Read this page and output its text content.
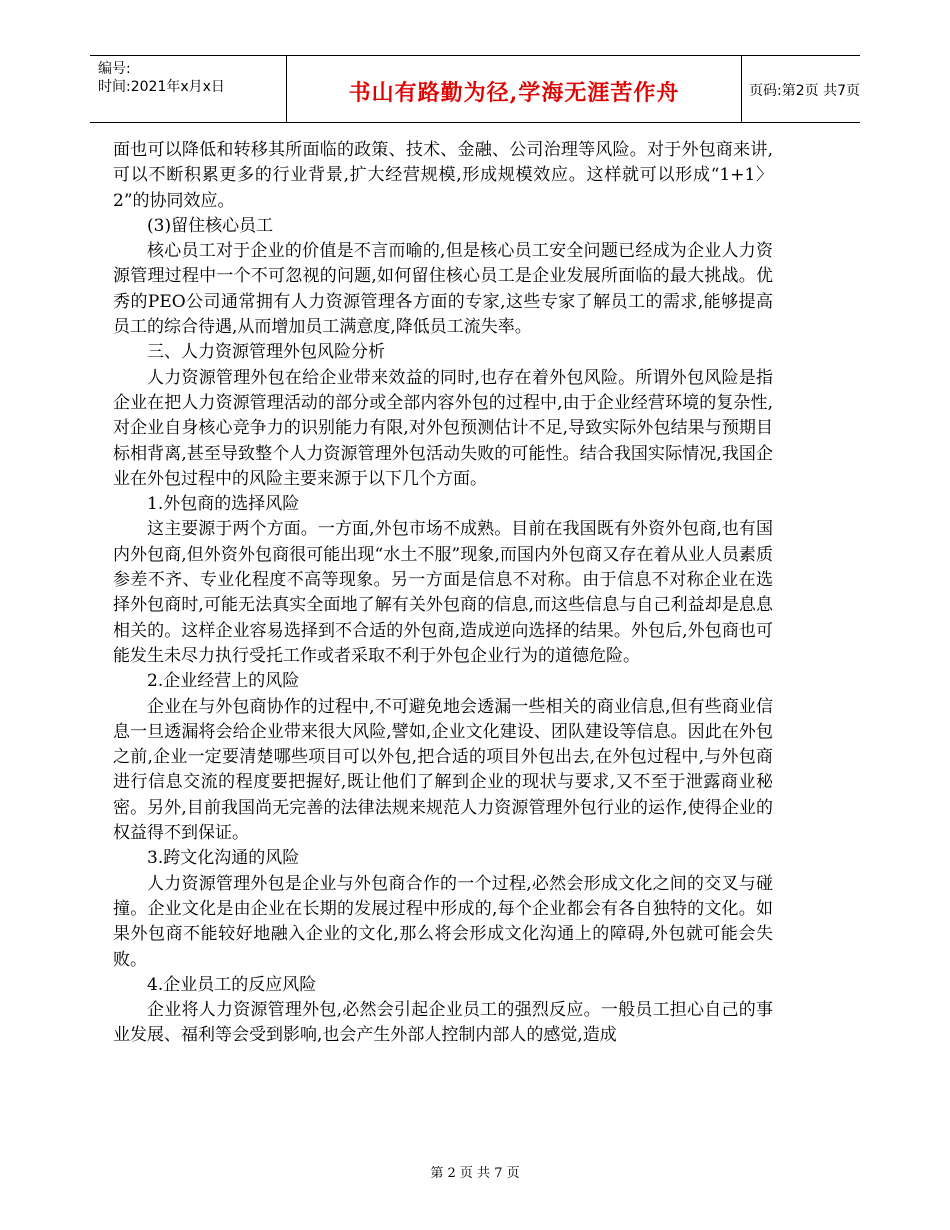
编号:
时间:2021年x月x日	书山有路勤为径,学海无涯苦作舟	页码:第2页 共7页

面也可以降低和转移其所面临的政策、技术、金融、公司治理等风险。对于外包商来讲,可以不断积累更多的行业背景,扩大经营规模,形成规模效应。这样就可以形成“1+1〉2”的协同效应。

(3)留住核心员工

核心员工对于企业的价值是不言而喻的,但是核心员工安全问题已经成为企业人力资源管理过程中一个不可忽视的问题,如何留住核心员工是企业发展所面临的最大挑战。优秀的PEO公司通常拥有人力资源管理各方面的专家,这些专家了解员工的需求,能够提高员工的综合待遇,从而增加员工满意度,降低员工流失率。

三、人力资源管理外包风险分析

人力资源管理外包在给企业带来效益的同时,也存在着外包风险。所谓外包风险是指企业在把人力资源管理活动的部分或全部内容外包的过程中,由于企业经营环境的复杂性,对企业自身核心竞争力的识别能力有限,对外包预测估计不足,导致实际外包结果与预期目标相背离,甚至导致整个人力资源管理外包活动失败的可能性。结合我国实际情况,我国企业在外包过程中的风险主要来源于以下几个方面。

1.外包商的选择风险

这主要源于两个方面。一方面,外包市场不成熟。目前在我国既有外资外包商,也有国内外包商,但外资外包商很可能出现“水土不服”现象,而国内外包商又存在着从业人员素质参差不齐、专业化程度不高等现象。另一方面是信息不对称。由于信息不对称企业在选择外包商时,可能无法真实全面地了解有关外包商的信息,而这些信息与自己利益却是息息相关的。这样企业容易选择到不合适的外包商,造成逆向选择的结果。外包后,外包商也可能发生未尽力执行受托工作或者采取不利于外包企业行为的道德危险。

2.企业经营上的风险

企业在与外包商协作的过程中,不可避免地会透漏一些相关的商业信息,但有些商业信息一旦透漏将会给企业带来很大风险,譬如,企业文化建设、团队建设等信息。因此在外包之前,企业一定要清楚哪些项目可以外包,把合适的项目外包出去,在外包过程中,与外包商进行信息交流的程度要把握好,既让他们了解到企业的现状与要求,又不至于泄露商业秘密。另外,目前我国尚无完善的法律法规来规范人力资源管理外包行业的运作,使得企业的权益得不到保证。

3.跨文化沟通的风险

人力资源管理外包是企业与外包商合作的一个过程,必然会形成文化之间的交叉与碰撞。企业文化是由企业在长期的发展过程中形成的,每个企业都会有各自独特的文化。如果外包商不能较好地融入企业的文化,那么将会形成文化沟通上的障碍,外包就可能会失败。

4.企业员工的反应风险

企业将人力资源管理外包,必然会引起企业员工的强烈反应。一般员工担心自己的事业发展、福利等会受到影响,也会产生外部人控制内部人的感觉,造成

第 2 页 共 7 页
